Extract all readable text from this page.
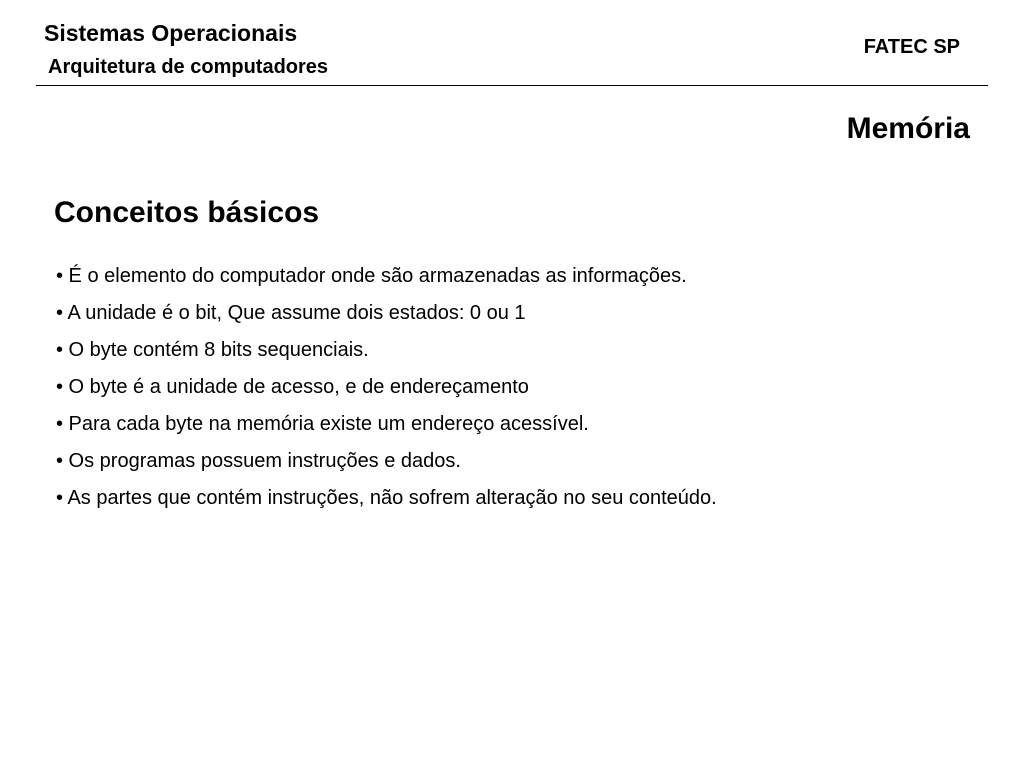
Sistemas Operacionais
Arquitetura de computadores
FATEC SP
Memória
Conceitos básicos
• É o elemento do computador onde são armazenadas as informações.
• A unidade é o bit, Que assume dois estados: 0 ou 1
• O byte contém 8 bits sequenciais.
• O byte é a unidade de acesso, e de endereçamento
• Para cada byte na memória existe um endereço acessível.
• Os programas possuem instruções e dados.
• As partes que contém instruções, não sofrem alteração no seu conteúdo.
